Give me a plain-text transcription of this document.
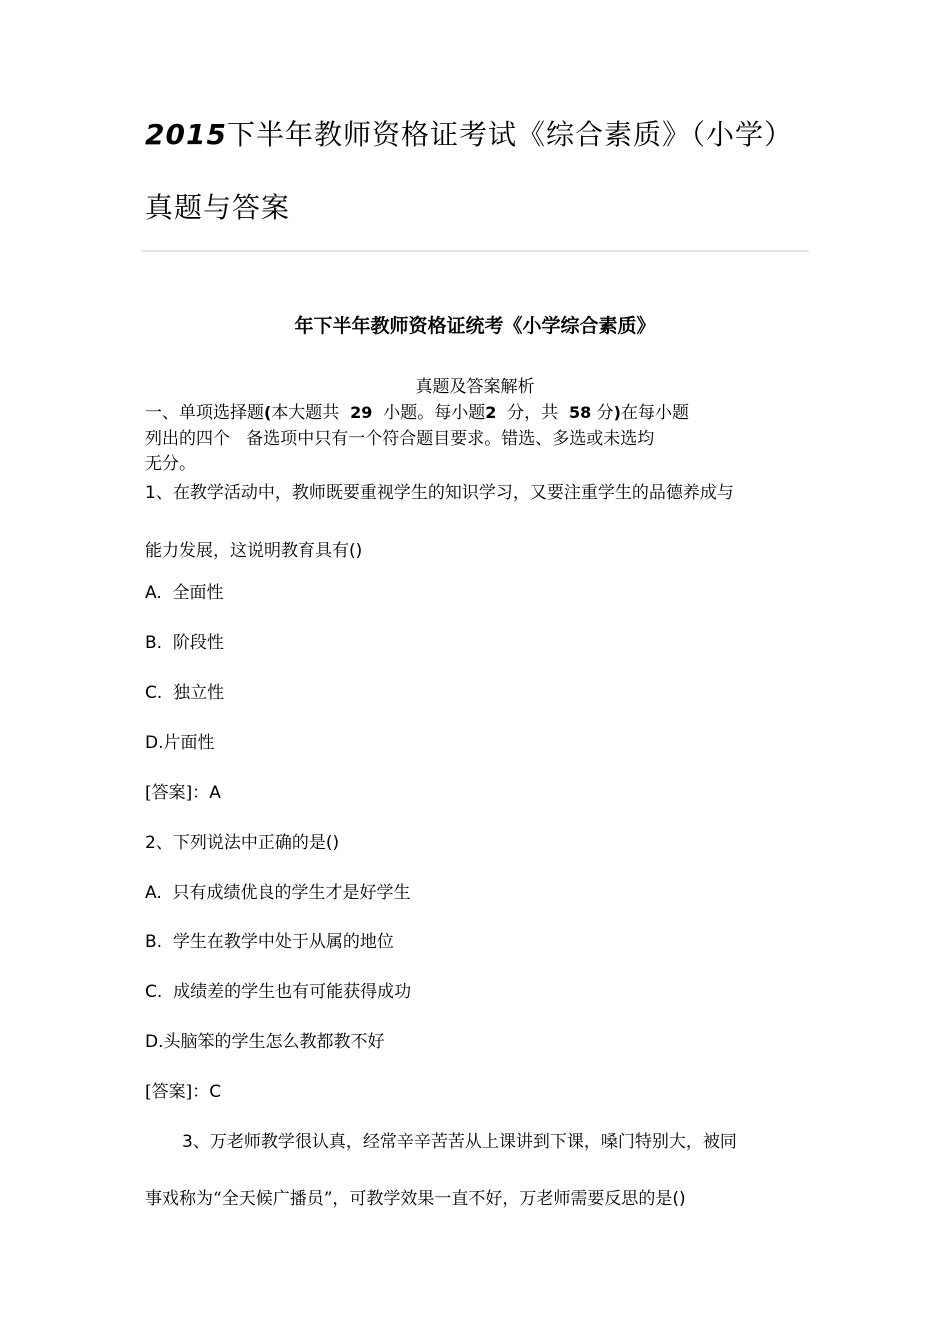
2015下半年教师资格证考试《综合素质》（小学）
真题与答案
年下半年教师资格证统考《小学综合素质》
真题及答案解析
一、单项选择题(本大题共 29 小题。每小题2 分，共 58 分)在每小题
列出的四个 备选项中只有一个符合题目要求。错选、多选或未选均
无分。
1、在教学活动中，教师既要重视学生的知识学习，又要注重学生的品德养成与
能力发展，这说明教育具有()
A. 全面性
B. 阶段性
C. 独立性
D.片面性
[答案]：A
2、下列说法中正确的是()
A. 只有成绩优良的学生才是好学生
B. 学生在教学中处于从属的地位
C. 成绩差的学生也有可能获得成功
D.头脑笨的学生怎么教都教不好
[答案]：C
3、万老师教学很认真，经常辛辛苦苦从上课讲到下课，嗓门特别大，被同
事戏称为“全天候广播员”，可教学效果一直不好，万老师需要反思的是()
